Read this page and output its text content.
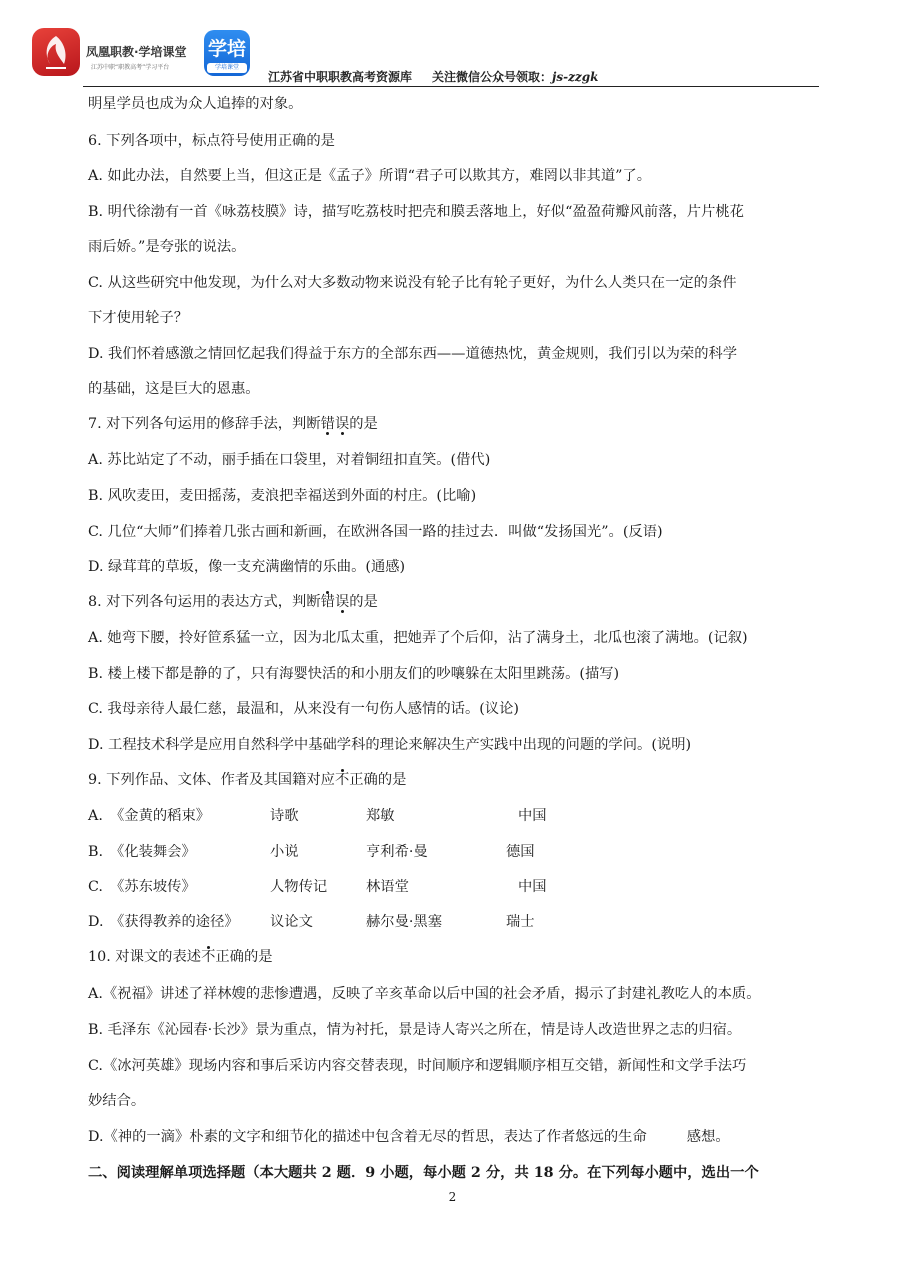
凤凰职教·学培课堂
江苏中职“职教高考”学习平台
学培
学培课堂
江苏省中职职教高考资源库 关注微信公众号领取：js-zzgk
明星学员也成为众人追捧的对象。
6. 下列各项中，标点符号使用正确的是
A. 如此办法，自然要上当，但这正是《孟子》所谓“君子可以欺其方，难罔以非其道”了。
B. 明代徐渤有一首《咏荔枝膜》诗，描写吃荔枝时把壳和膜丢落地上，好似“盈盈荷瓣风前落，片片桃花
雨后娇。”是夸张的说法。
C. 从这些研究中他发现，为什么对大多数动物来说没有轮子比有轮子更好，为什么人类只在一定的条件
下才使用轮子？
D. 我们怀着感激之情回忆起我们得益于东方的全部东西——道德热忱，黄金规则，我们引以为荣的科学
的基础，这是巨大的恩惠。
7. 对下列各句运用的修辞手法，判断错误的是
A. 苏比站定了不动，丽手插在口袋里，对着铜纽扣直笑。(借代)
B. 风吹麦田，麦田摇荡，麦浪把幸福送到外面的村庄。(比喻)
C. 几位“大师”们捧着几张古画和新画，在欧洲各国一路的挂过去．叫做“发扬国光”。(反语)
D. 绿茸茸的草坂，像一支充满幽情的乐曲。(通感)
8. 对下列各句运用的表达方式，判断错误的是
A. 她弯下腰，拎好笸系猛一立，因为北瓜太重，把她弄了个后仰，沾了满身土，北瓜也滚了满地。(记叙)
B. 楼上楼下都是静的了，只有海婴快活的和小朋友们的吵嚷躲在太阳里跳荡。(描写)
C. 我母亲待人最仁慈，最温和，从来没有一句伤人感情的话。(议论)
D. 工程技术科学是应用自然科学中基础学科的理论来解决生产实践中出现的问题的学问。(说明)
9. 下列作品、文体、作者及其国籍对应不正确的是
A. 《金黄的稻束》	诗歌	郑敏	中国
B. 《化装舞会》	小说	亨利希·曼	德国
C. 《苏东坡传》	人物传记	林语堂	中国
D. 《获得教养的途径》 议论文	赫尔曼·黑塞	瑞士
10. 对课文的表述不正确的是
A.《祝福》讲述了祥林嫂的悲惨遭遇，反映了辛亥革命以后中国的社会矛盾，揭示了封建礼教吃人的本质。
B. 毛泽东《沁园春·长沙》景为重点，情为衬托，景是诗人寄兴之所在，情是诗人改造世界之志的归宿。
C.《冰河英雄》现场内容和事后采访内容交替表现，时间顺序和逻辑顺序相互交错，新闻性和文学手法巧
妙结合。
D.《神的一滴》朴素的文字和细节化的描述中包含着无尽的哲思，表达了作者悠远的生命	感想。
二、阅读理解单项选择题（本大题共 2 题．9 小题，每小题 2 分，共 18 分。在下列每小题中，选出一个
2
